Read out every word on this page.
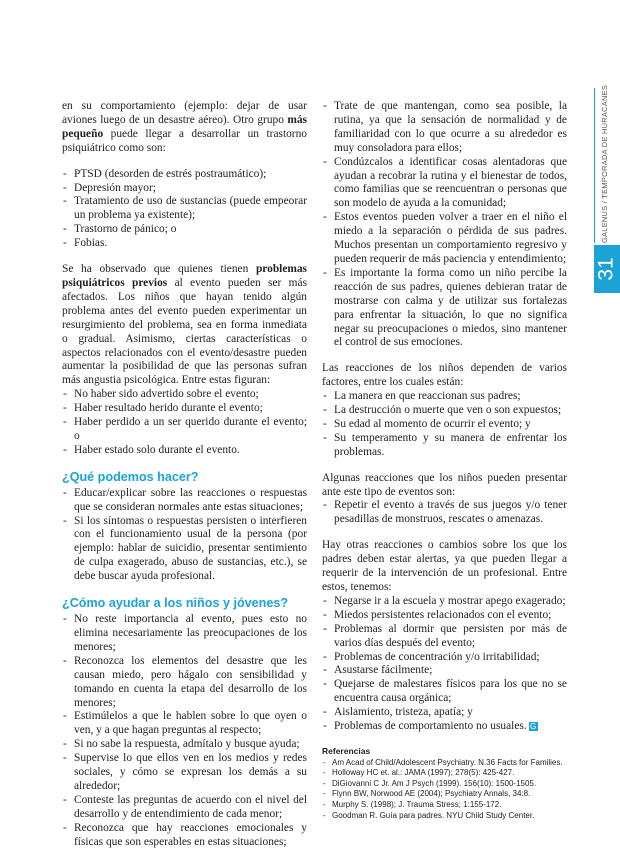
en su comportamiento (ejemplo: dejar de usar aviones luego de un desastre aéreo). Otro grupo más pequeño puede llegar a desarrollar un trastorno psiquiátrico como son:

- PTSD (desorden de estrés postraumático);
- Depresión mayor;
- Tratamiento de uso de sustancias (puede empeorar un problema ya existente);
- Trastorno de pánico; o
- Fobias.

Se ha observado que quienes tienen problemas psiquiátricos previos al evento pueden ser más afectados. Los niños que hayan tenido algún problema antes del evento pueden experimentar un resurgimiento del problema, sea en forma inmediata o gradual. Asimismo, ciertas características o aspectos relacionados con el evento/desastre pueden aumentar la posibilidad de que las personas sufran más angustia psicológica. Entre estas figuran:

- No haber sido advertido sobre el evento;
- Haber resultado herido durante el evento;
- Haber perdido a un ser querido durante el evento; o
- Haber estado solo durante el evento.
¿Qué podemos hacer?
- Educar/explicar sobre las reacciones o respuestas que se consideran normales ante estas situaciones;
- Si los síntomas o respuestas persisten o interfieren con el funcionamiento usual de la persona (por ejemplo: hablar de suicidio, presentar sentimiento de culpa exagerado, abuso de sustancias, etc.), se debe buscar ayuda profesional.
¿Cómo ayudar a los niños y jóvenes?
- No reste importancia al evento, pues esto no elimina necesariamente las preocupaciones de los menores;
- Reconozca los elementos del desastre que les causan miedo, pero hágalo con sensibilidad y tomando en cuenta la etapa del desarrollo de los menores;
- Estimúlelos a que le hablen sobre lo que oyen o ven, y a que hagan preguntas al respecto;
- Si no sabe la respuesta, admítalo y busque ayuda;
- Supervise lo que ellos ven en los medios y redes sociales, y cómo se expresan los demás a su alrededor;
- Conteste las preguntas de acuerdo con el nivel del desarrollo y de entendimiento de cada menor;
- Reconozca que hay reacciones emocionales y físicas que son esperables en estas situaciones;
- Trate de que mantengan, como sea posible, la rutina, ya que la sensación de normalidad y de familiaridad con lo que ocurre a su alrededor es muy consoladora para ellos;
- Condúzcalos a identificar cosas alentadoras que ayudan a recobrar la rutina y el bienestar de todos, como familias que se reencuentran o personas que son modelo de ayuda a la comunidad;
- Estos eventos pueden volver a traer en el niño el miedo a la separación o pérdida de sus padres. Muchos presentan un comportamiento regresivo y pueden requerir de más paciencia y entendimiento;
- Es importante la forma como un niño percibe la reacción de sus padres, quienes debieran tratar de mostrarse con calma y de utilizar sus fortalezas para enfrentar la situación, lo que no significa negar su preocupaciones o miedos, sino mantener el control de sus emociones.

Las reacciones de los niños dependen de varios factores, entre los cuales están:

- La manera en que reaccionan sus padres;
- La destrucción o muerte que ven o son expuestos;
- Su edad al momento de ocurrir el evento; y
- Su temperamento y su manera de enfrentar los problemas.

Algunas reacciones que los niños pueden presentar ante este tipo de eventos son:

- Repetir el evento a través de sus juegos y/o tener pesadillas de monstruos, rescates o amenazas.

Hay otras reacciones o cambios sobre los que los padres deben estar alertas, ya que pueden llegar a requerir de la intervención de un profesional. Entre estos, tenemos:

- Negarse ir a la escuela y mostrar apego exagerado;
- Miedos persistentes relacionados con el evento;
- Problemas al dormir que persisten por más de varios días después del evento;
- Problemas de concentración y/o irritabilidad;
- Asustarse fácilmente;
- Quejarse de malestares físicos para los que no se encuentra causa orgánica;
- Aislamiento, tristeza, apatía; y
- Problemas de comportamiento no usuales. G
Referencias
- Am Acad of Child/Adolescent Psychiatry. N.36 Facts for Families.
- Holloway HC et. al.: JAMA (1997); 278(5): 425-427.
- DiGiovanni C Jr. Am J Psych (1999). 156(10): 1500-1505.
- Flynn BW, Norwood AE (2004); Psychiatry Annals, 34:8.
- Murphy S. (1998); J. Trauma Stress; 1:155-172.
- Goodman R. Guía para padres. NYU Child Study Center.
GALENUS / TEMPORADA DE HURACANES
31
